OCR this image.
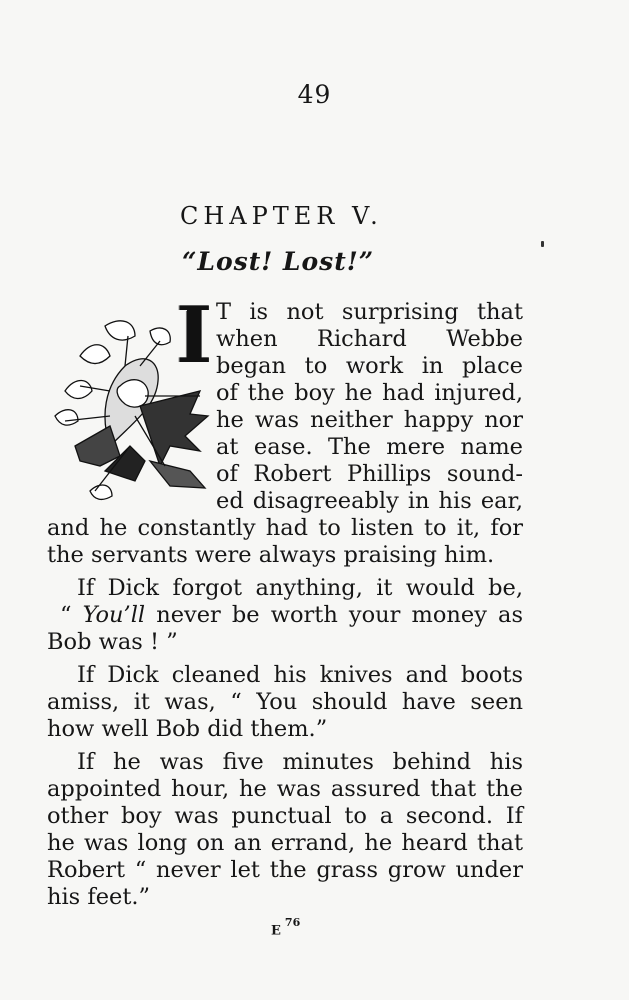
49
CHAPTER V.
“Lost! Lost!”
I T is not surprising that
when Richard Webbe
began to work in place
of the boy he had injured,
he was neither happy nor
at ease. The mere name
of Robert Phillips sound-
ed disagreeably in his ear,
and he constantly had to listen to it, for
the servants were always praising him.
If Dick forgot anything, it would be,
“ You’ll never be worth your money as
Bob was ! ”
If Dick cleaned his knives and boots
amiss, it was, “ You should have seen
how well Bob did them.”
If he was five minutes behind his
appointed hour, he was assured that the
other boy was punctual to a second. If
he was long on an errand, he heard that
Robert “ never let the grass grow under
his feet.”
$E^{76}$
